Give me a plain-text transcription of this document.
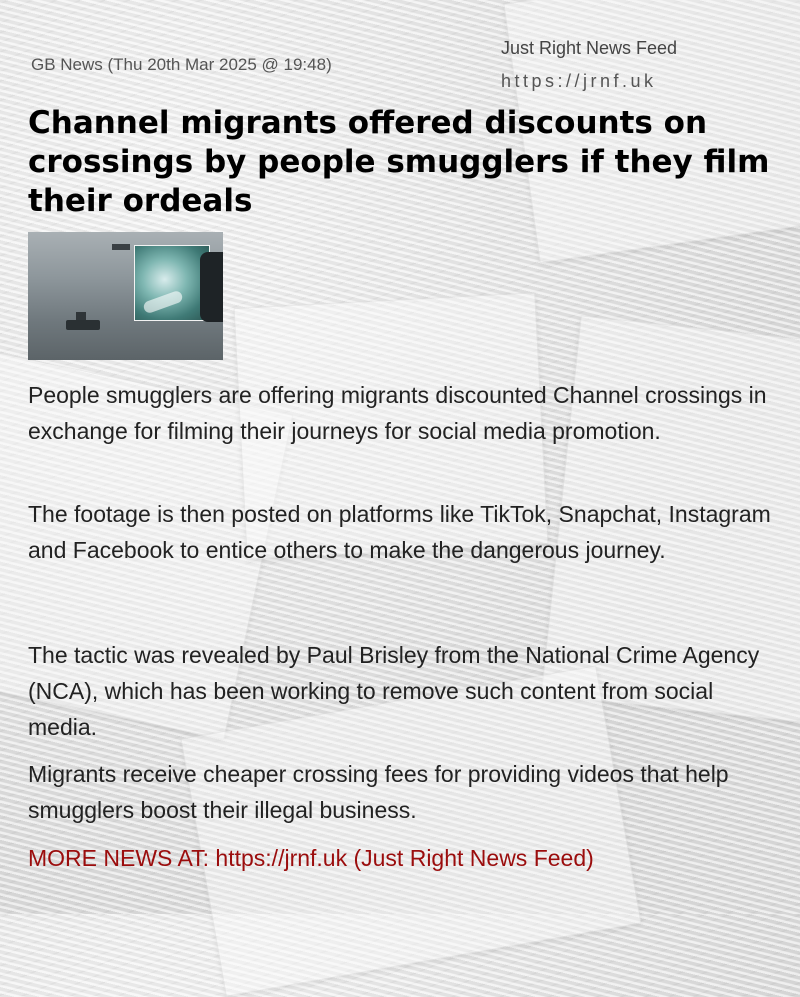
GB News (Thu 20th Mar 2025 @ 19:48)
Just Right News Feed
https://jrnf.uk
Channel migrants offered discounts on crossings by people smugglers if they film their ordeals

People smugglers are offering migrants discounted Channel crossings in exchange for filming their journeys for social media promotion.

The footage is then posted on platforms like TikTok, Snapchat, Instagram and Facebook to entice others to make the dangerous journey.

The tactic was revealed by Paul Brisley from the National Crime Agency (NCA), which has been working to remove such content from social media.

Migrants receive cheaper crossing fees for providing videos that help smugglers boost their illegal business.

MORE NEWS AT: https://jrnf.uk (Just Right News Feed)
